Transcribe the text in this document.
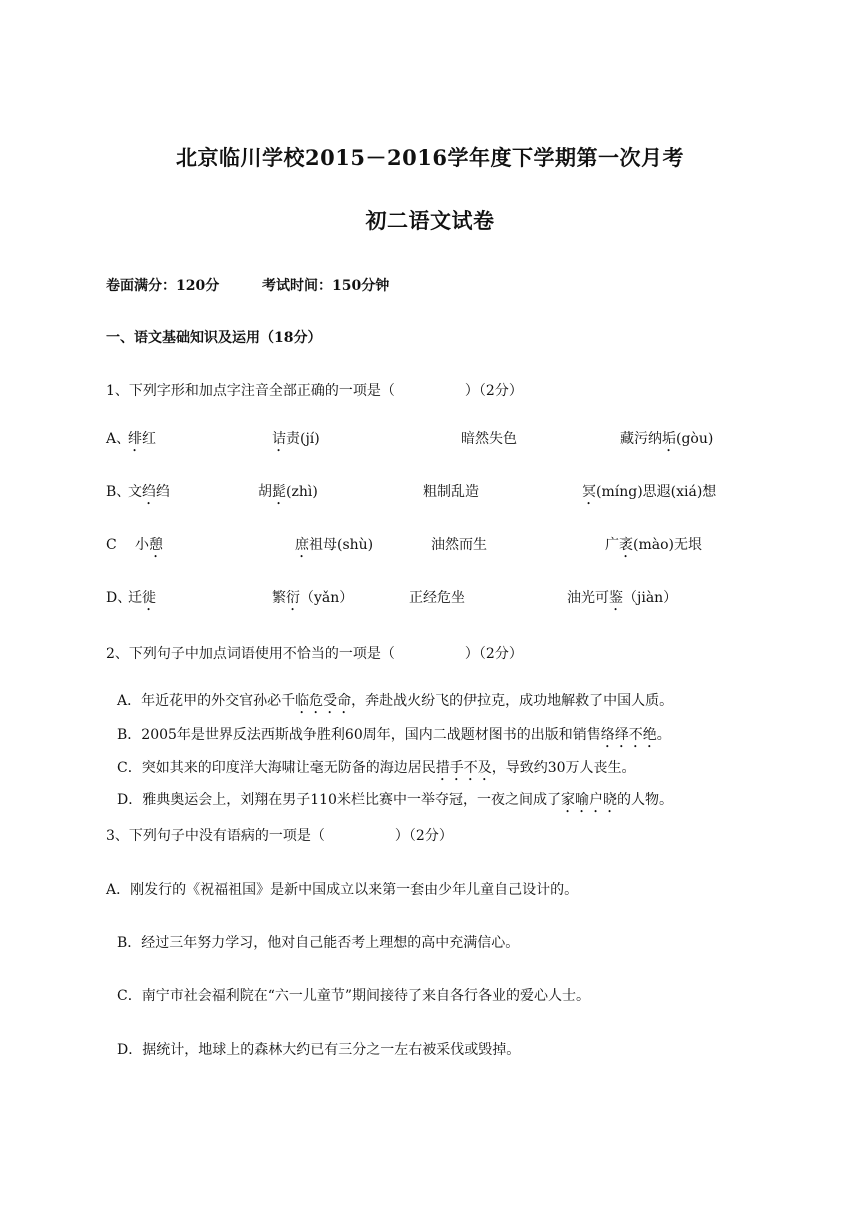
北京临川学校2015－2016学年度下学期第一次月考
初二语文试卷
卷面满分：120分	考试时间：150分钟
一、语文基础知识及运用（18分）
1、下列字形和加点字注音全部正确的一项是（　　　　　）（2分）
A、
绯红	诘责(jí)	暗然失色	藏污纳垢(gòu)
B、
文绉绉	胡髭(zhì)	粗制乱造	冥(míng)思遐(xiá)想
C　 小憩	庶祖母(shù)	油然而生	广袤(mào)无垠
D、
迁徙	繁衍（yǎn）	正经危坐	油光可鉴（jiàn）
2、下列句子中加点词语使用不恰当的一项是（　　　　　）（2分）
A．年近花甲的外交官孙必千临危受命，奔赴战火纷飞的伊拉克，成功地解救了中国人质。
B．2005年是世界反法西斯战争胜利60周年，国内二战题材图书的出版和销售络绎不绝。
C．突如其来的印度洋大海啸让毫无防备的海边居民措手不及，导致约30万人丧生。
D．雅典奥运会上，刘翔在男子110米栏比赛中一举夺冠，一夜之间成了家喻户晓的人物。
3、下列句子中没有语病的一项是（　　　　　）（2分）
A．刚发行的《祝福祖国》是新中国成立以来第一套由少年儿童自己设计的。
B．经过三年努力学习，他对自己能否考上理想的高中充满信心。
C．南宁市社会福利院在“六一儿童节”期间接待了来自各行各业的爱心人士。
D．据统计，地球上的森林大约已有三分之一左右被采伐或毁掉。
